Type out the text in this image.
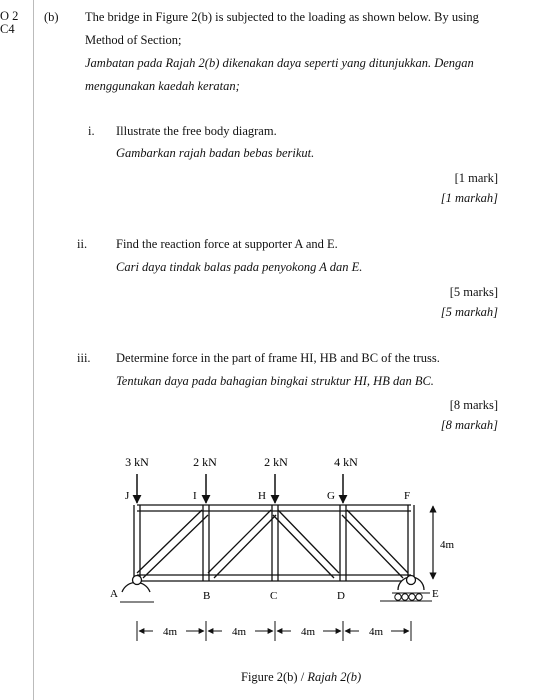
O 2
C4
(b) The bridge in Figure 2(b) is subjected to the loading as shown below. By using
Method of Section;
Jambatan pada Rajah 2(b) dikenakan daya seperti yang ditunjukkan. Dengan
menggunakan kaedah keratan;
i. Illustrate the free body diagram.
Gambarkan rajah badan bebas berikut.
[1 mark]
[1 markah]
ii. Find the reaction force at supporter A and E.
Cari daya tindak balas pada penyokong A dan E.
[5 marks]
[5 markah]
iii. Determine force in the part of frame HI, HB and BC of the truss.
Tentukan daya pada bahagian bingkai struktur HI, HB dan BC.
[8 marks]
[8 markah]
3 kN	2 kN	2 kN	4 kN
J	I	H	G	F
A	E
B	C	D
4m
4m	4m	4m	4m
Figure 2(b) / Rajah 2(b)
